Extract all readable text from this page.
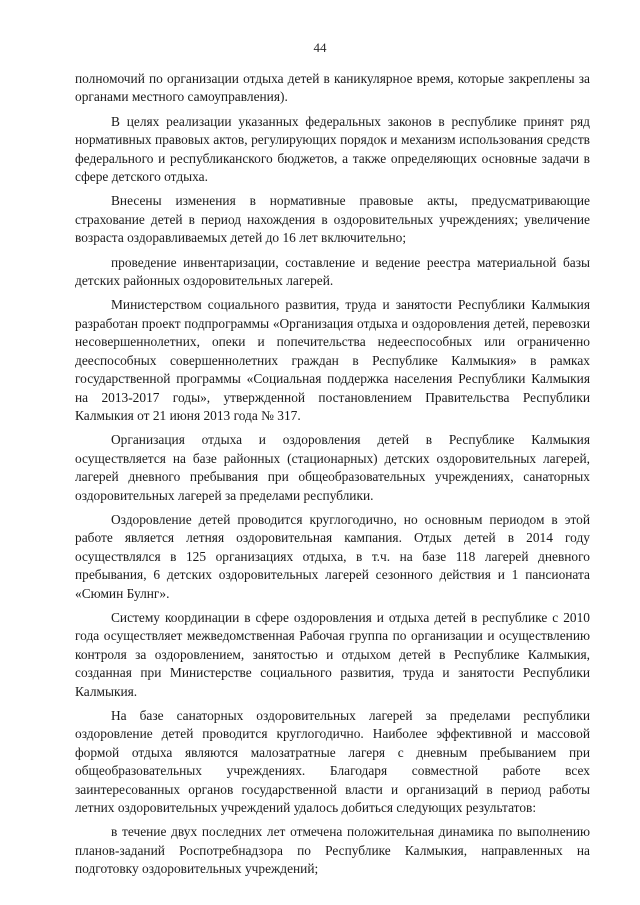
44

полномочий по организации отдыха детей в каникулярное время, которые закреплены за органами местного самоуправления).

В целях реализации указанных федеральных законов в республике принят ряд нормативных правовых актов, регулирующих порядок и механизм использования средств федерального и республиканского бюджетов, а также определяющих основные задачи в сфере детского отдыха.

Внесены изменения в нормативные правовые акты, предусматривающие страхование детей в период нахождения в оздоровительных учреждениях; увеличение возраста оздоравливаемых детей до 16 лет включительно;

проведение инвентаризации, составление и ведение реестра материальной базы детских районных оздоровительных лагерей.

Министерством социального развития, труда и занятости Республики Калмыкия разработан проект подпрограммы «Организация отдыха и оздоровления детей, перевозки несовершеннолетних, опеки и попечительства недееспособных или ограниченно дееспособных совершеннолетних граждан в Республике Калмыкия» в рамках государственной программы «Социальная поддержка населения Республики Калмыкия на 2013-2017 годы», утвержденной постановлением Правительства Республики Калмыкия от 21 июня 2013 года № 317.

Организация отдыха и оздоровления детей в Республике Калмыкия осуществляется на базе районных (стационарных) детских оздоровительных лагерей, лагерей дневного пребывания при общеобразовательных учреждениях, санаторных оздоровительных лагерей за пределами республики.

Оздоровление детей проводится круглогодично, но основным периодом в этой работе является летняя оздоровительная кампания. Отдых детей в 2014 году осуществлялся в 125 организациях отдыха, в т.ч. на базе 118 лагерей дневного пребывания, 6 детских оздоровительных лагерей сезонного действия и 1 пансионата «Сюмин Булнг».

Систему координации в сфере оздоровления и отдыха детей в республике с 2010 года осуществляет межведомственная Рабочая группа по организации и осуществлению контроля за оздоровлением, занятостью и отдыхом детей в Республике Калмыкия, созданная при Министерстве социального развития, труда и занятости Республики Калмыкия.

На базе санаторных оздоровительных лагерей за пределами республики оздоровление детей проводится круглогодично. Наиболее эффективной и массовой формой отдыха являются малозатратные лагеря с дневным пребыванием при общеобразовательных учреждениях. Благодаря совместной работе всех заинтересованных органов государственной власти и организаций в период работы летних оздоровительных учреждений удалось добиться следующих результатов:

в течение двух последних лет отмечена положительная динамика по выполнению планов-заданий Роспотребнадзора по Республике Калмыкия, направленных на подготовку оздоровительных учреждений;
